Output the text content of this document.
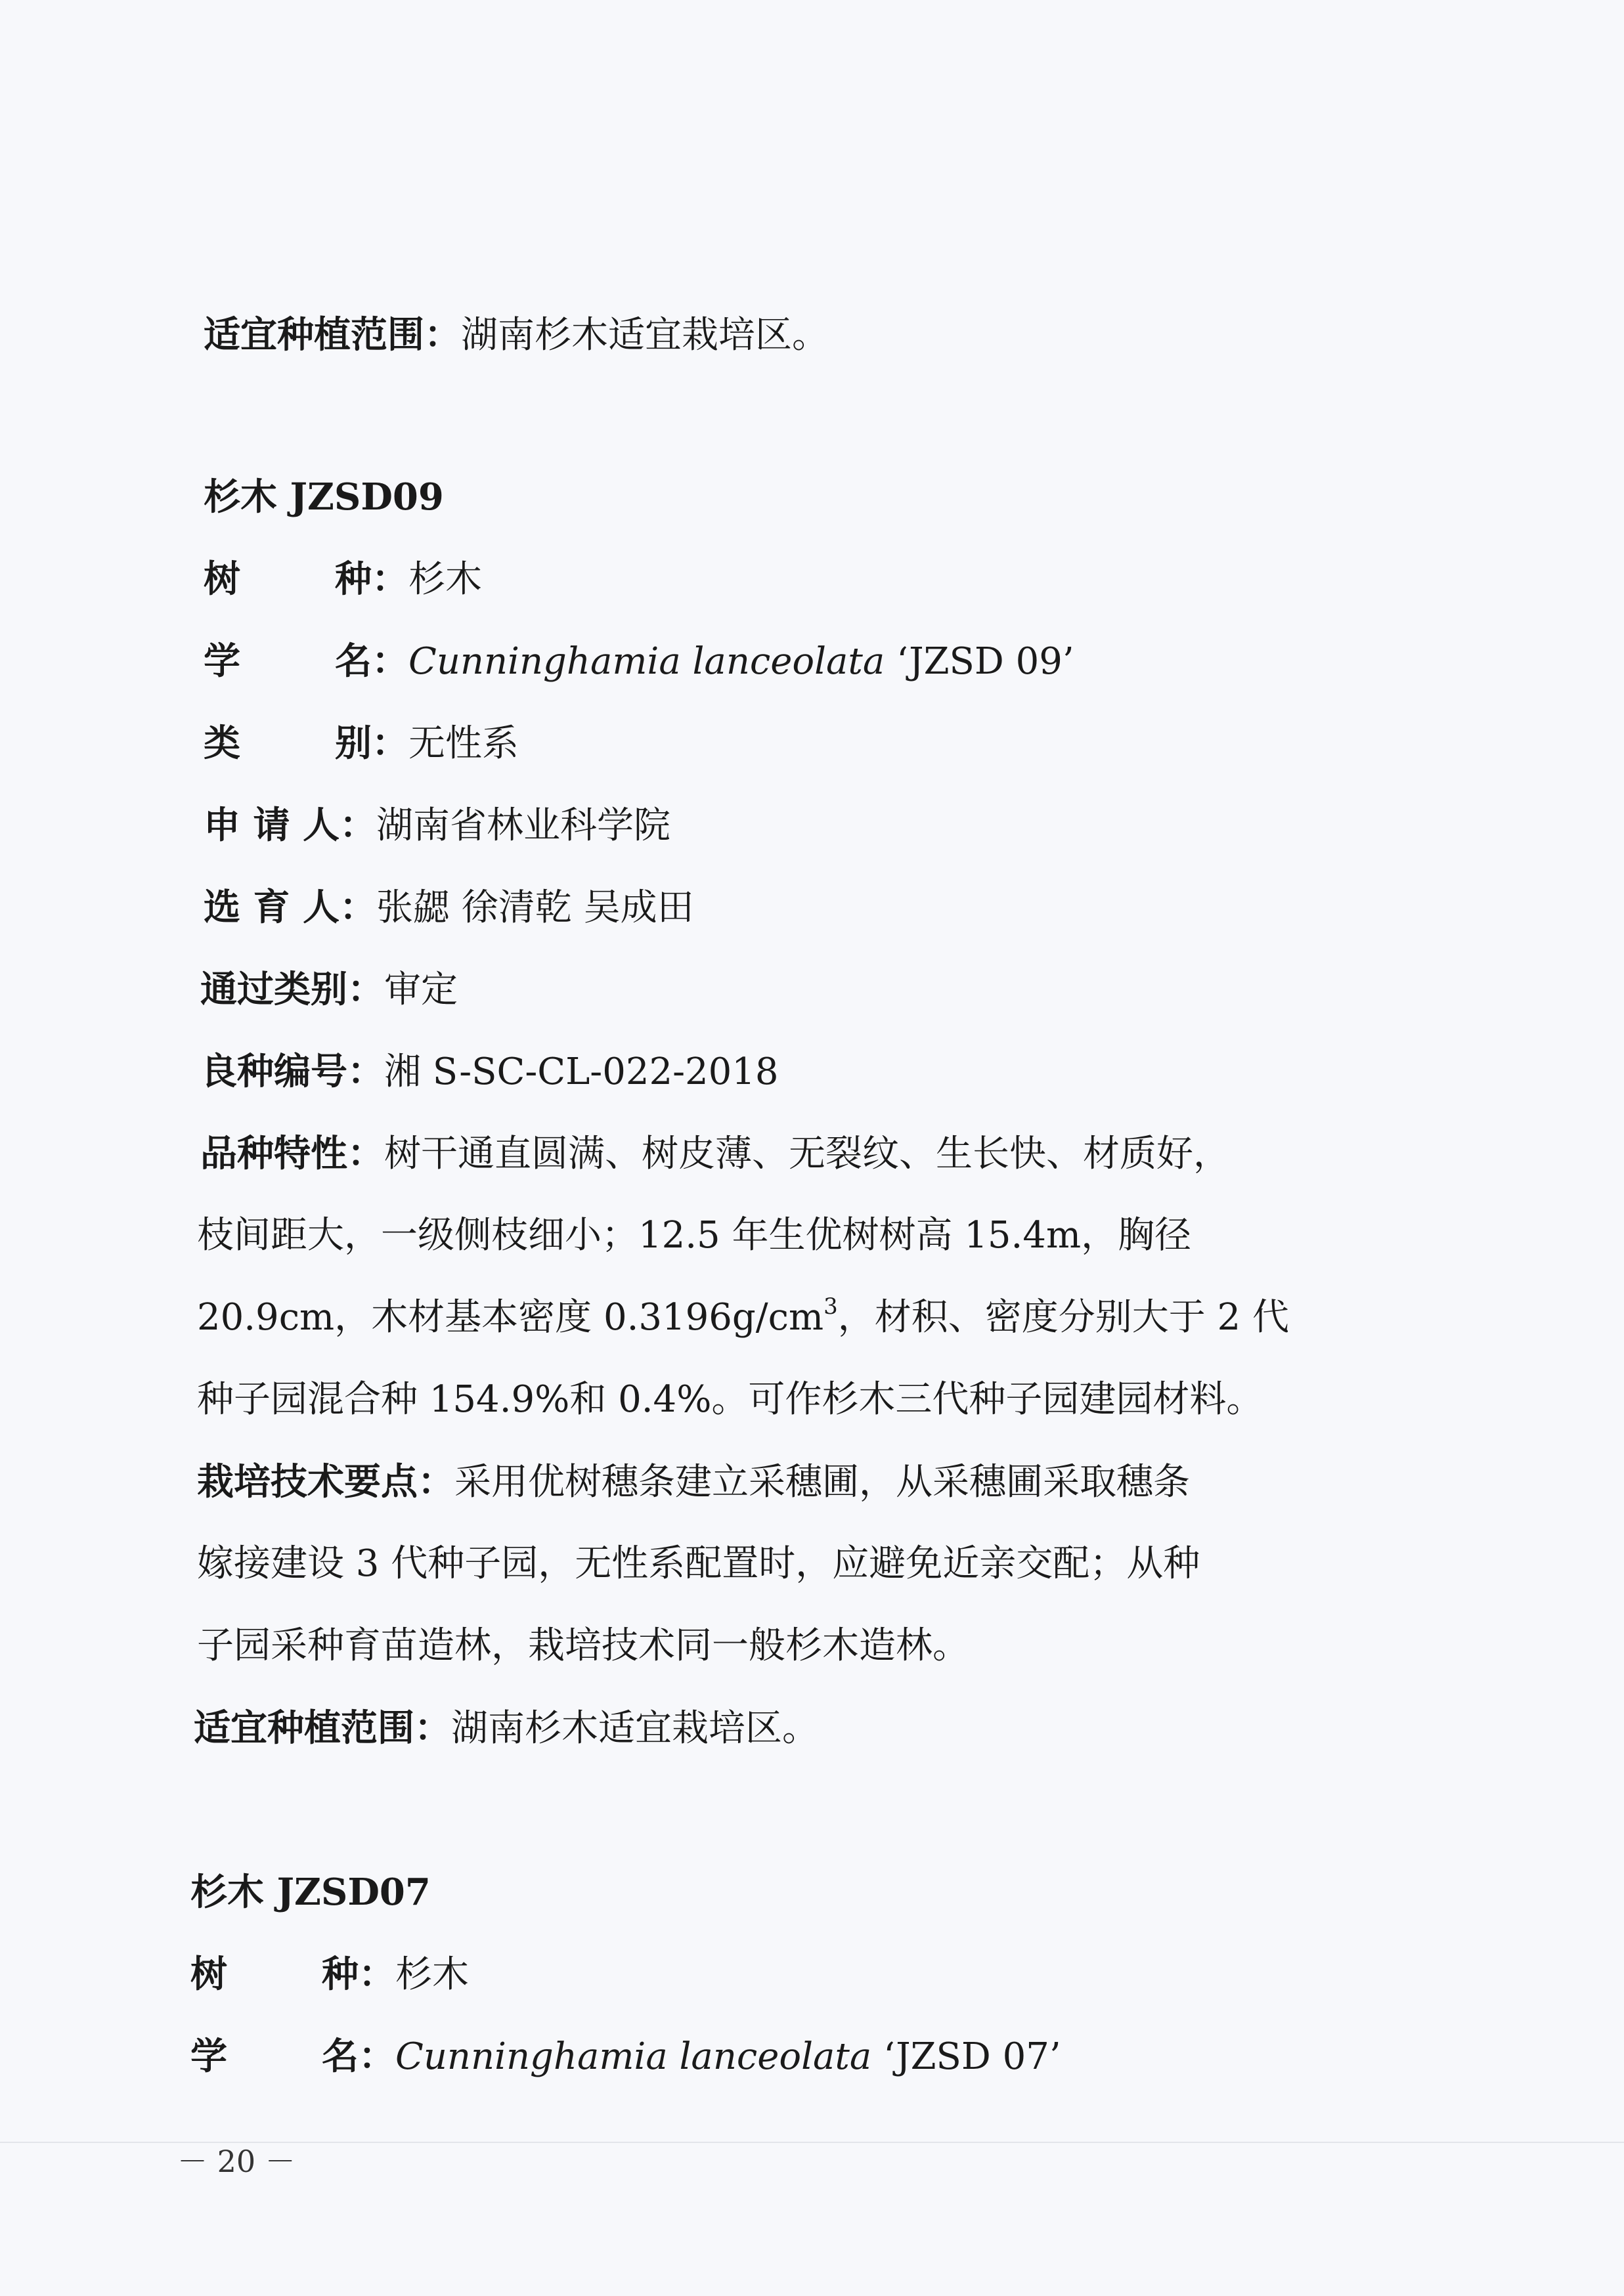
适宜种植范围：湖南杉木适宜栽培区。
杉木 JZSD09
树	种：杉木
学	名：Cunninghamia lanceolata ‘JZSD 09’
类	别：无性系
申 请 人：湖南省林业科学院
选 育 人：张勰 徐清乾 吴成田
通过类别：审定
良种编号：湘 S-SC-CL-022-2018
品种特性：树干通直圆满、树皮薄、无裂纹、生长快、材质好，
枝间距大，一级侧枝细小；12.5 年生优树树高 15.4m，胸径
20.9cm，木材基本密度 $0.3196g/cm^3$，材积、密度分别大于 2 代
种子园混合种 154.9%和 0.4%。可作杉木三代种子园建园材料。
栽培技术要点：采用优树穗条建立采穗圃，从采穗圃采取穗条
嫁接建设 3 代种子园，无性系配置时，应避免近亲交配；从种
子园采种育苗造林，栽培技术同一般杉木造林。
适宜种植范围：湖南杉木适宜栽培区。
杉木 JZSD07
树	种：杉木
学	名：Cunninghamia lanceolata ‘JZSD 07’
－ 20 －
